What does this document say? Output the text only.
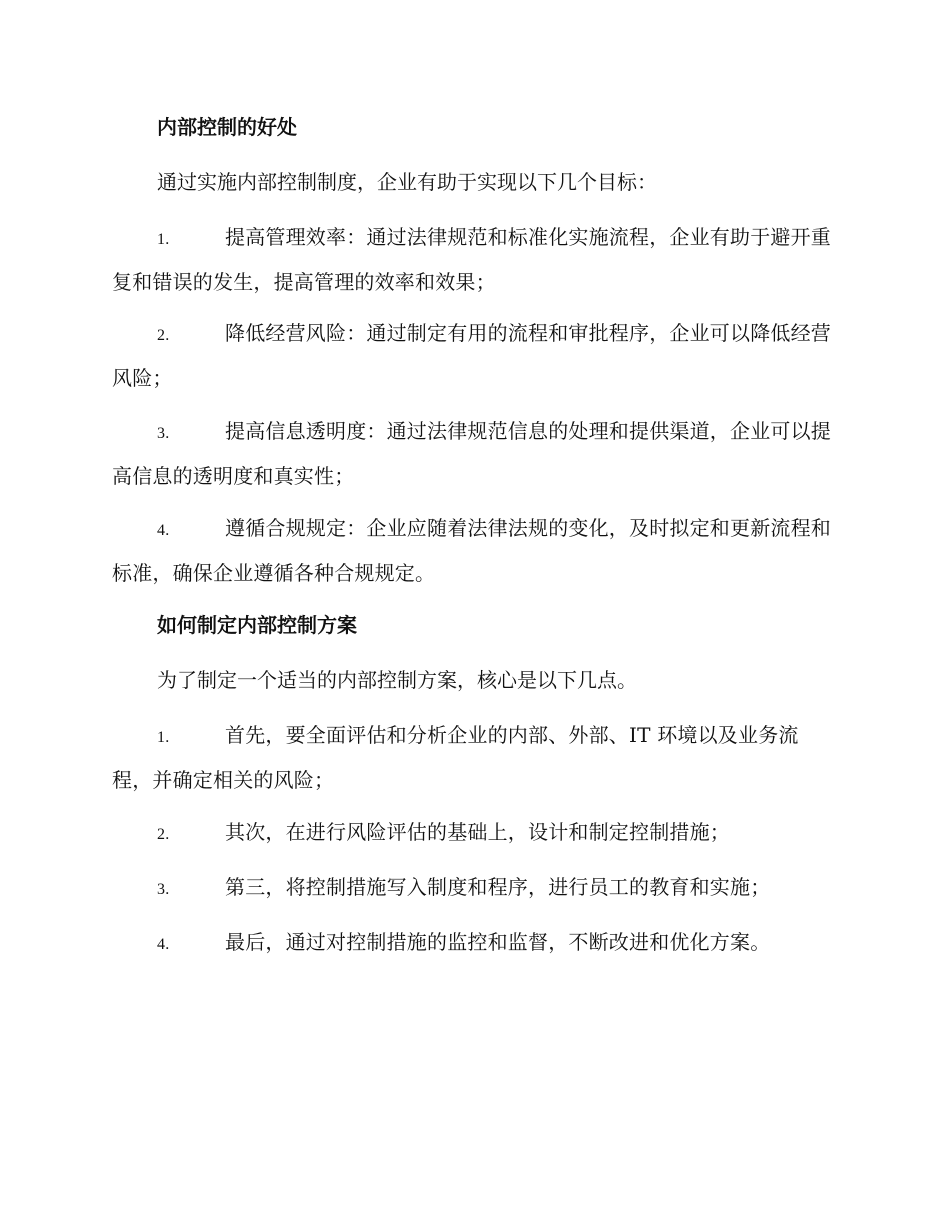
内部控制的好处

通过实施内部控制制度，企业有助于实现以下几个目标：

1.	提高管理效率：通过法律规范和标准化实施流程，企业有助于避开重复和错误的发生，提高管理的效率和效果；

2.	降低经营风险：通过制定有用的流程和审批程序，企业可以降低经营风险；

3.	提高信息透明度：通过法律规范信息的处理和提供渠道，企业可以提高信息的透明度和真实性；

4.	遵循合规规定：企业应随着法律法规的变化，及时拟定和更新流程和标准，确保企业遵循各种合规规定。

如何制定内部控制方案

为了制定一个适当的内部控制方案，核心是以下几点。

1.	首先，要全面评估和分析企业的内部、外部、IT 环境以及业务流程，并确定相关的风险；

2.	其次，在进行风险评估的基础上，设计和制定控制措施；

3.	第三，将控制措施写入制度和程序，进行员工的教育和实施；

4.	最后，通过对控制措施的监控和监督，不断改进和优化方案。
